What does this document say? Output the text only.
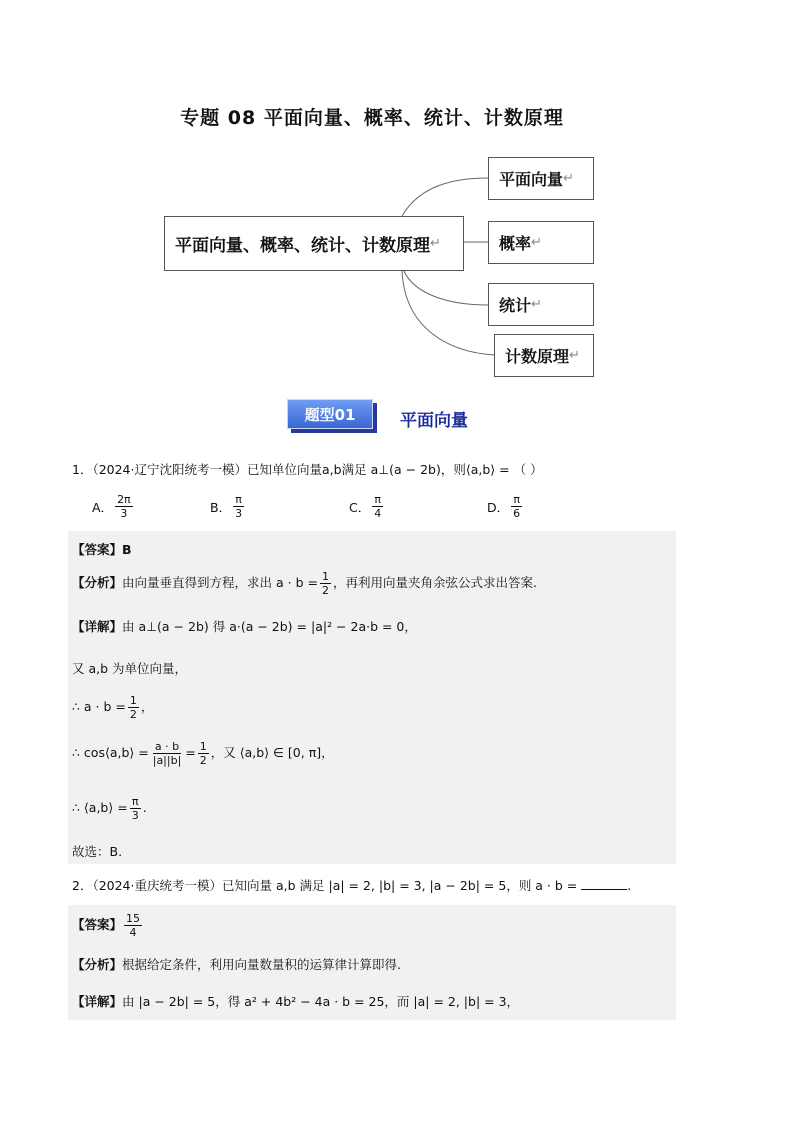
专题 08 平面向量、概率、统计、计数原理
平面向量、概率、统计、计数原理 ↵
平面向量 ↵
概率 ↵
统计 ↵
计数原理 ↵
题型01	平面向量
1．（2024·辽宁沈阳统考一模）已知单位向量a,b满足 a⊥(a − 2b)，则⟨a,b⟩ = （ ）
A． $\frac{2\pi}{3}$	B． $\frac{\pi}{3}$	C． $\frac{\pi}{4}$	D． $\frac{\pi}{6}$
【答案】B
【分析】由向量垂直得到方程，求出 $a \cdot b = \frac{1}{2}$ ，再利用向量夹角余弦公式求出答案.
【详解】由 a⊥(a − 2b) 得 a·(a − 2b) = |a|² − 2a·b = 0，
又 a,b 为单位向量，
∴ $a \cdot b = \frac{1}{2}$ ，
∴ cos⟨a,b⟩ = $\frac{a \cdot b}{|a||b|} = \frac{1}{2}$ ，又 ⟨a,b⟩ ∈ [0, π]，
∴ ⟨a,b⟩ = $\frac{\pi}{3}$ .
故选：B.
2．（2024·重庆统考一模）已知向量 a,b 满足 |a| = 2, |b| = 3, |a − 2b| = 5，则 a · b =	.
【答案】 $\frac{15}{4}$
【分析】根据给定条件，利用向量数量积的运算律计算即得.
【详解】由 |a − 2b| = 5，得 a² + 4b² − 4a · b = 25，而 |a| = 2, |b| = 3，
